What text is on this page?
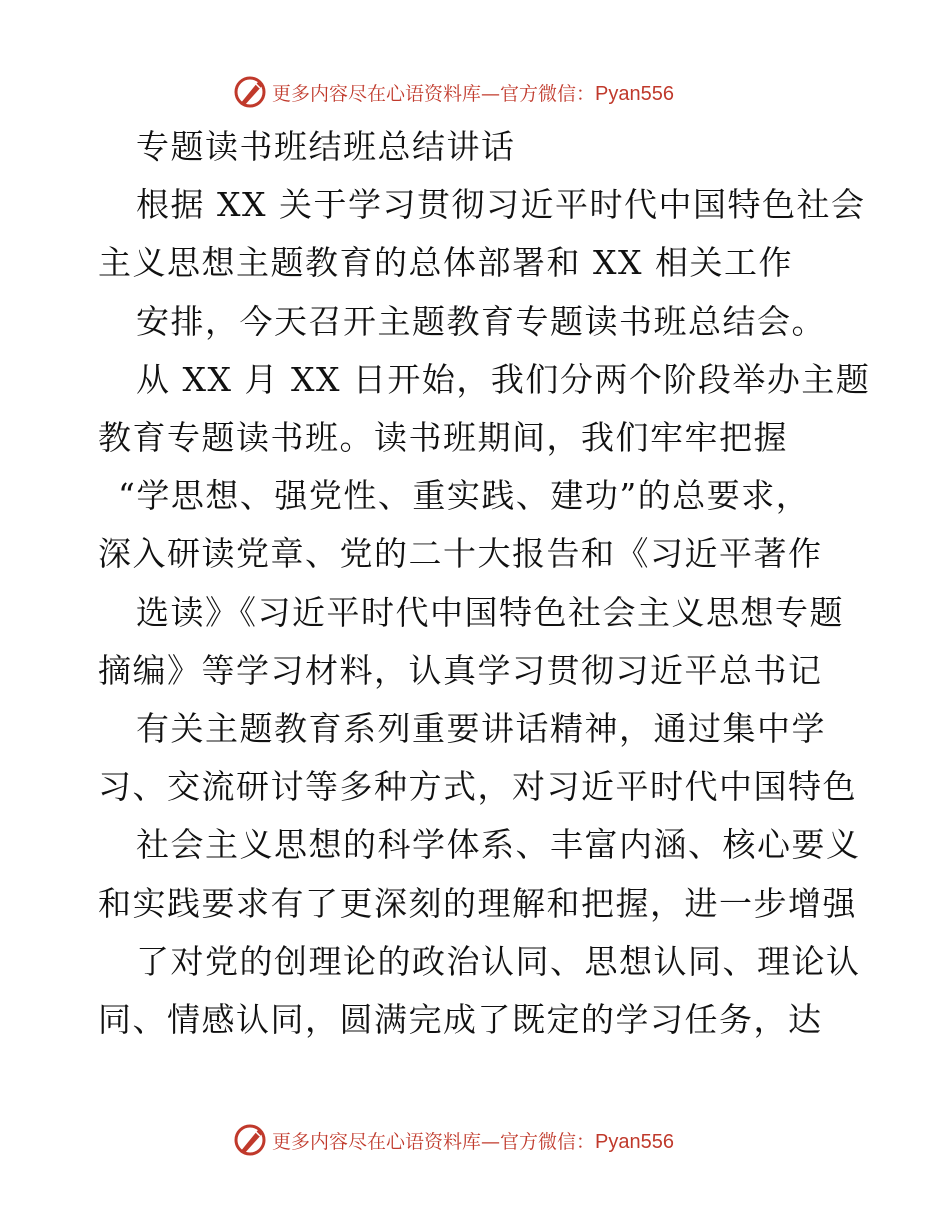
更多内容尽在心语资料库—官方微信：Pyan556
专题读书班结班总结讲话
根据 XX 关于学习贯彻习近平时代中国特色社会
主义思想主题教育的总体部署和 XX 相关工作
安排，今天召开主题教育专题读书班总结会。
从 XX 月 XX 日开始，我们分两个阶段举办主题
教育专题读书班。读书班期间，我们牢牢把握
“学思想、强党性、重实践、建功”的总要求，
深入研读党章、党的二十大报告和《习近平著作
选读》《习近平时代中国特色社会主义思想专题
摘编》等学习材料，认真学习贯彻习近平总书记
有关主题教育系列重要讲话精神，通过集中学
习、交流研讨等多种方式，对习近平时代中国特色
社会主义思想的科学体系、丰富内涵、核心要义
和实践要求有了更深刻的理解和把握，进一步增强
了对党的创理论的政治认同、思想认同、理论认
同、情感认同，圆满完成了既定的学习任务，达
更多内容尽在心语资料库—官方微信：Pyan556
